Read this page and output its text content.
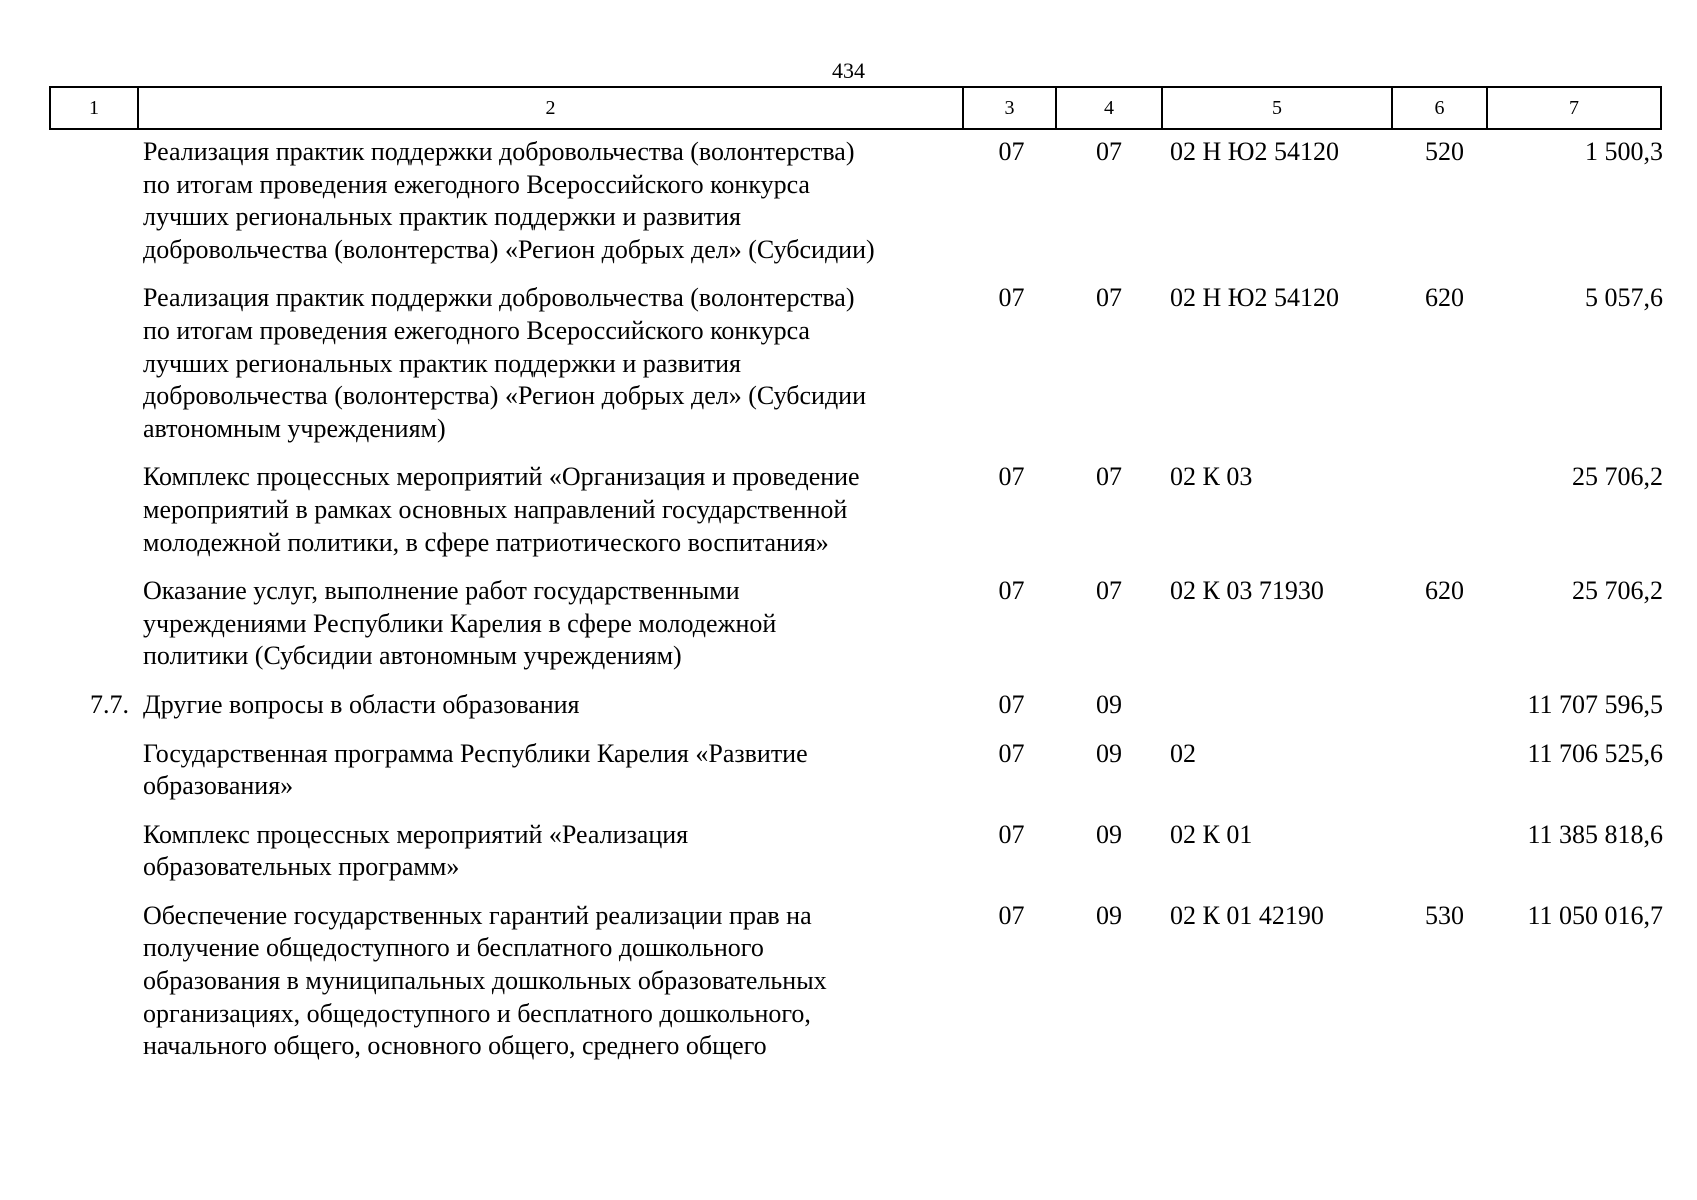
434
1	2	3	4	5	6	7

	Реализация практик поддержки добровольчества (волонтерства)
по итогам проведения ежегодного Всероссийского конкурса
лучших региональных практик поддержки и развития
добровольчества (волонтерства) «Регион добрых дел» (Субсидии)	07	07	02 Н Ю2 54120	520	1 500,3

	Реализация практик поддержки добровольчества (волонтерства)
по итогам проведения ежегодного Всероссийского конкурса
лучших региональных практик поддержки и развития
добровольчества (волонтерства) «Регион добрых дел» (Субсидии
автономным учреждениям)	07	07	02 Н Ю2 54120	620	5 057,6

	Комплекс процессных мероприятий «Организация и проведение
мероприятий в рамках основных направлений государственной
молодежной политики, в сфере патриотического воспитания»	07	07	02 К 03		25 706,2

	Оказание услуг, выполнение работ государственными
учреждениями Республики Карелия в сфере молодежной
политики (Субсидии автономным учреждениям)	07	07	02 К 03 71930	620	25 706,2
7.7.	Другие вопросы в области образования	07	09			11 707 596,5

	Государственная программа Республики Карелия «Развитие
образования»	07	09	02		11 706 525,6

	Комплекс процессных мероприятий «Реализация
образовательных программ»	07	09	02 К 01		11 385 818,6

	Обеспечение государственных гарантий реализации прав на
получение общедоступного и бесплатного дошкольного
образования в муниципальных дошкольных образовательных
организациях, общедоступного и бесплатного дошкольного,
начального общего, основного общего, среднего общего	07	09	02 К 01 42190	530	11 050 016,7
